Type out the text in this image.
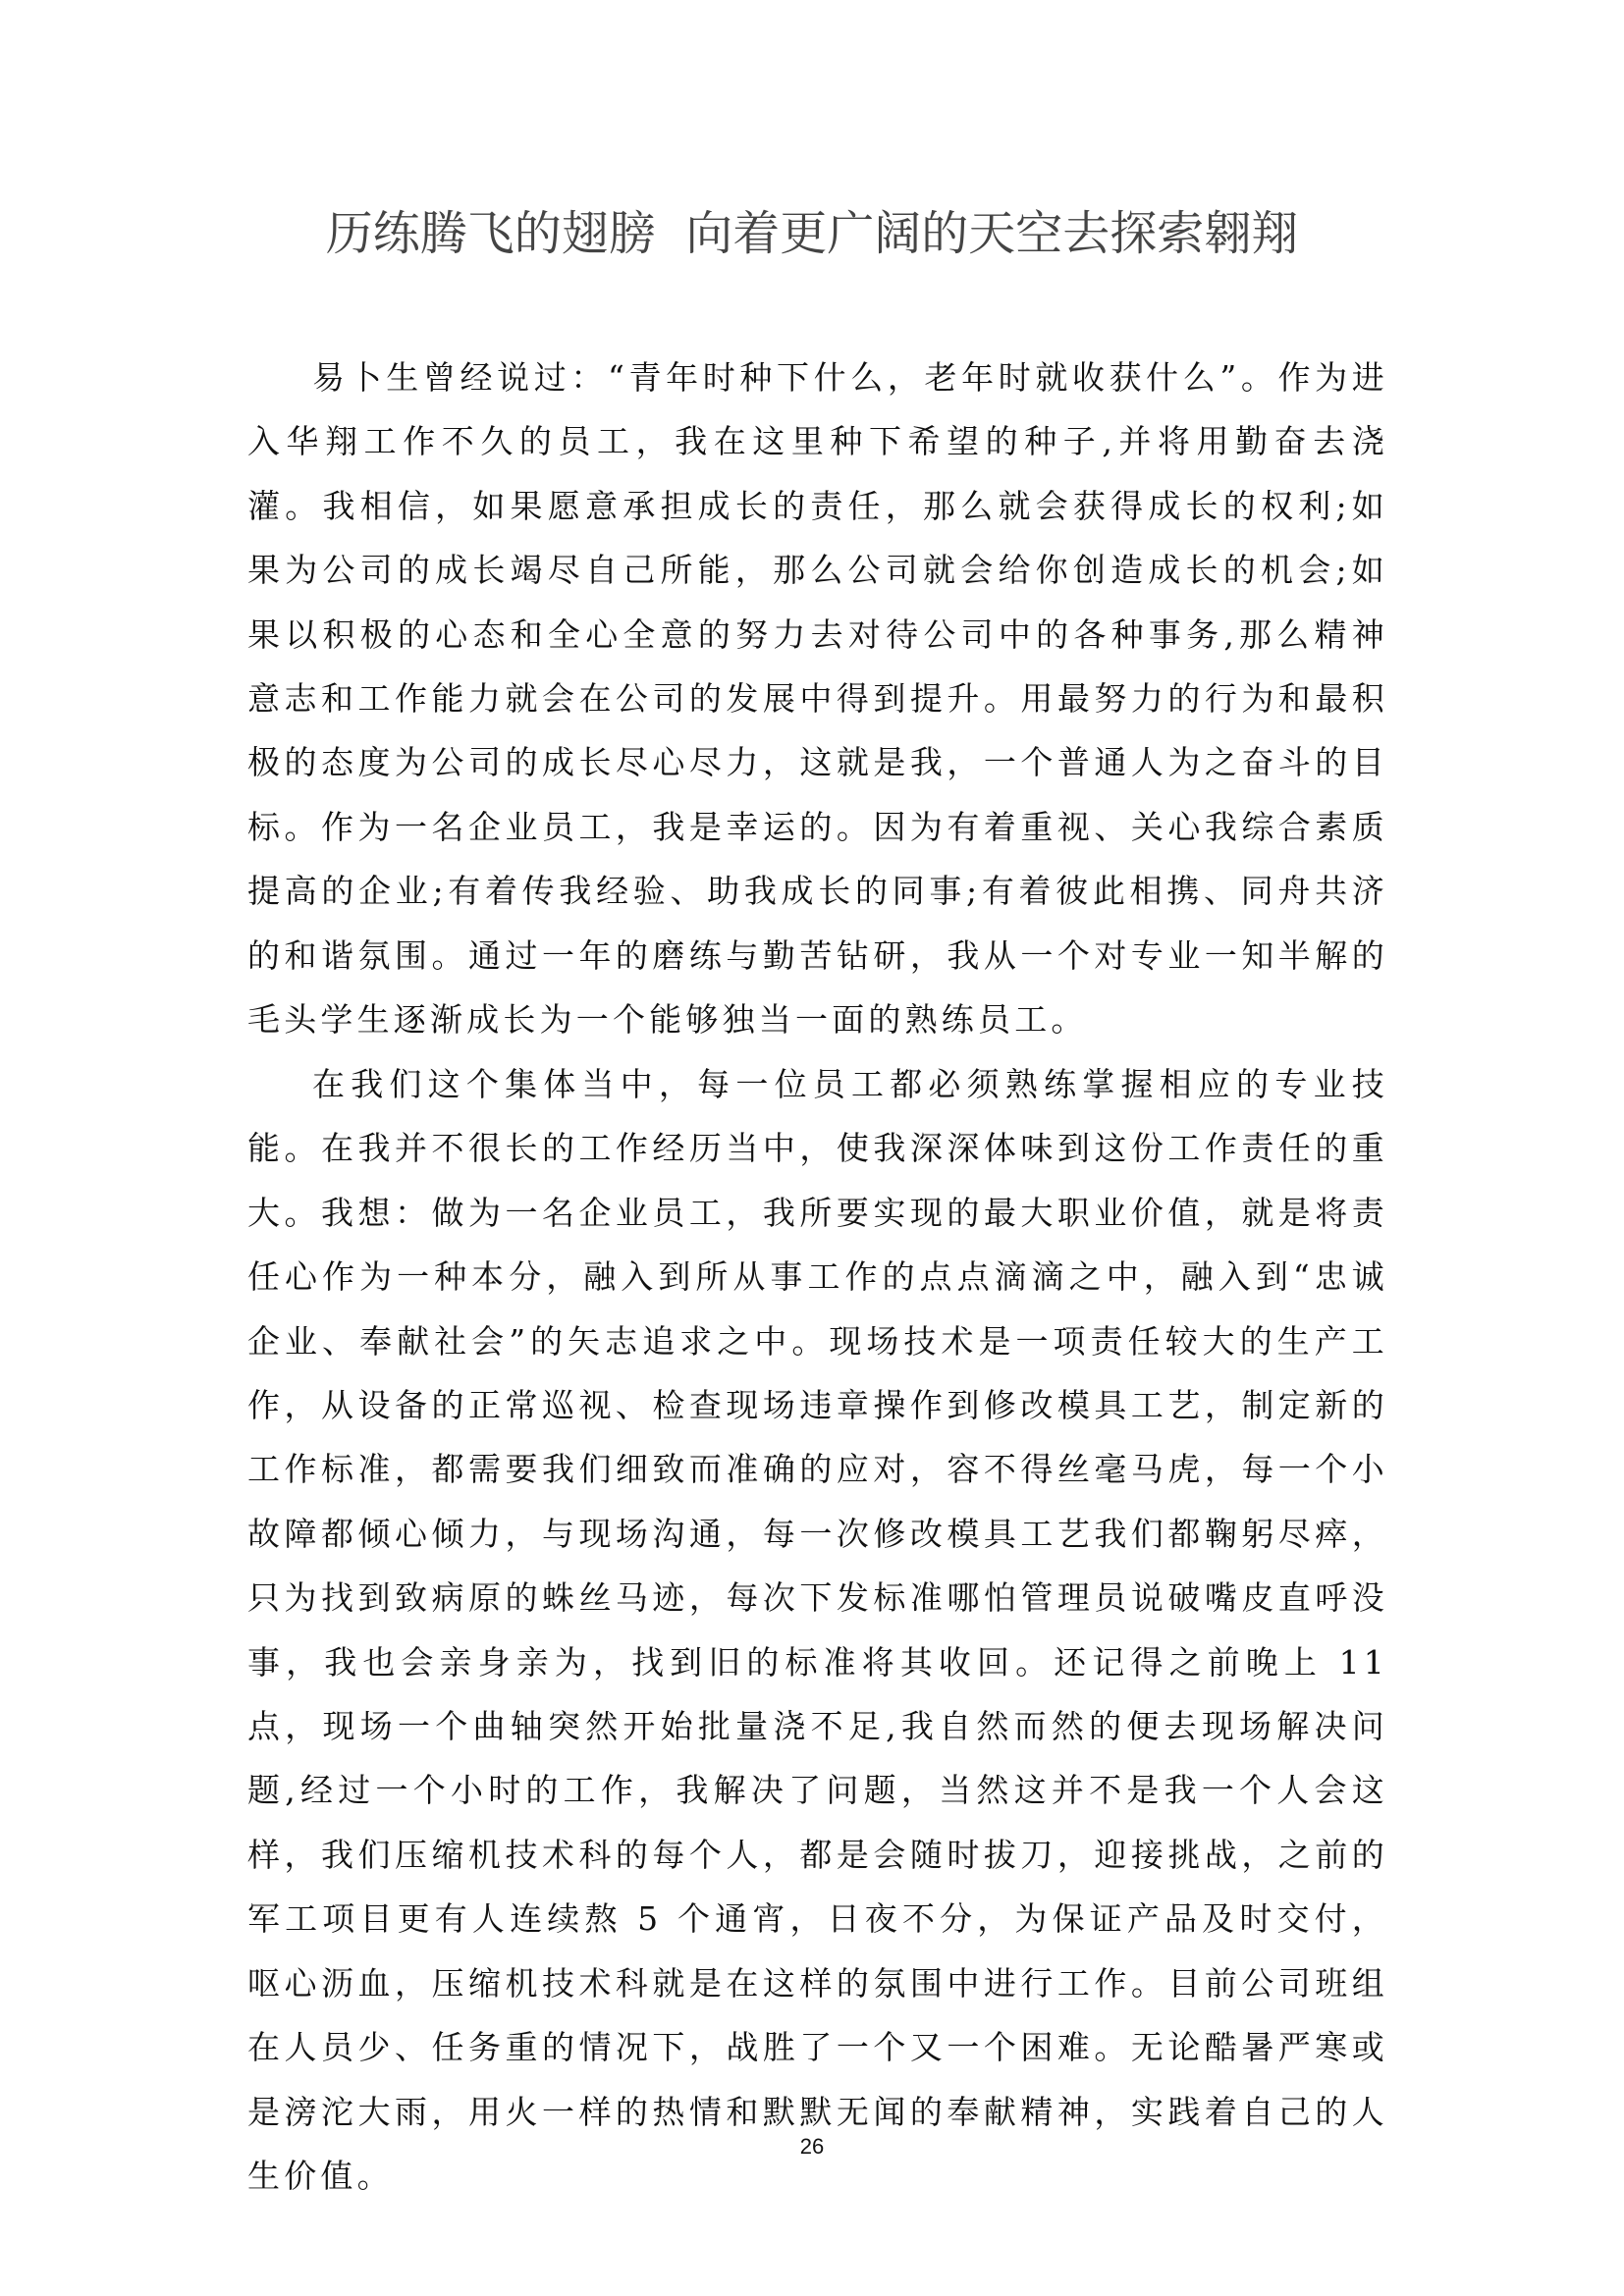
历练腾飞的翅膀  向着更广阔的天空去探索翱翔

易卜生曾经说过：“青年时种下什么，老年时就收获什么”。作为进入华翔工作不久的员工，我在这里种下希望的种子,并将用勤奋去浇灌。我相信，如果愿意承担成长的责任，那么就会获得成长的权利;如果为公司的成长竭尽自己所能，那么公司就会给你创造成长的机会;如果以积极的心态和全心全意的努力去对待公司中的各种事务,那么精神意志和工作能力就会在公司的发展中得到提升。用最努力的行为和最积极的态度为公司的成长尽心尽力，这就是我，一个普通人为之奋斗的目标。作为一名企业员工，我是幸运的。因为有着重视、关心我综合素质提高的企业;有着传我经验、助我成长的同事;有着彼此相携、同舟共济的和谐氛围。通过一年的磨练与勤苦钻研，我从一个对专业一知半解的毛头学生逐渐成长为一个能够独当一面的熟练员工。

在我们这个集体当中，每一位员工都必须熟练掌握相应的专业技能。在我并不很长的工作经历当中，使我深深体味到这份工作责任的重大。我想：做为一名企业员工，我所要实现的最大职业价值，就是将责任心作为一种本分，融入到所从事工作的点点滴滴之中，融入到“忠诚企业、奉献社会”的矢志追求之中。现场技术是一项责任较大的生产工作，从设备的正常巡视、检查现场违章操作到修改模具工艺，制定新的工作标准，都需要我们细致而准确的应对，容不得丝毫马虎，每一个小故障都倾心倾力，与现场沟通，每一次修改模具工艺我们都鞠躬尽瘁，只为找到致病原的蛛丝马迹，每次下发标准哪怕管理员说破嘴皮直呼没事，我也会亲身亲为，找到旧的标准将其收回。还记得之前晚上 11 点，现场一个曲轴突然开始批量浇不足,我自然而然的便去现场解决问题,经过一个小时的工作，我解决了问题，当然这并不是我一个人会这样，我们压缩机技术科的每个人，都是会随时拔刀，迎接挑战，之前的军工项目更有人连续熬 5 个通宵，日夜不分，为保证产品及时交付，呕心沥血，压缩机技术科就是在这样的氛围中进行工作。目前公司班组在人员少、任务重的情况下，战胜了一个又一个困难。无论酷暑严寒或是滂沱大雨，用火一样的热情和默默无闻的奉献精神，实践着自己的人生价值。

26
